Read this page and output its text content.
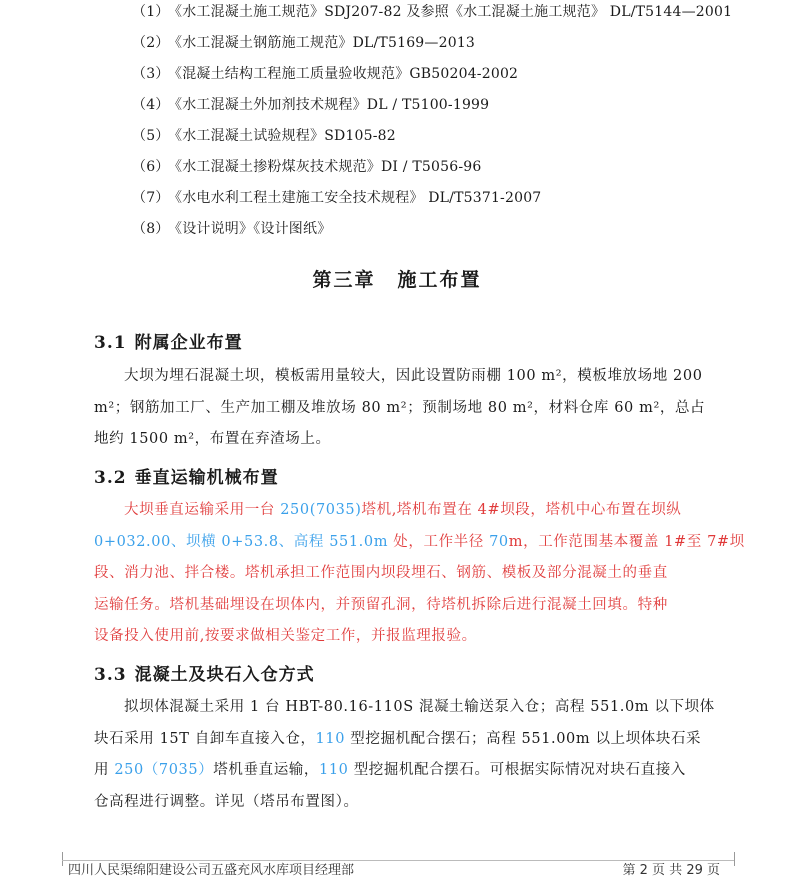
（1）《水工混凝土施工规范》SDJ207-82 及参照《水工混凝土施工规范》 DL/T5144—2001
（2）《水工混凝土钢筋施工规范》DL/T5169—2013
（3）《混凝土结构工程施工质量验收规范》GB50204-2002
（4）《水工混凝土外加剂技术规程》DL / T5100-1999
（5）《水工混凝土试验规程》SD105-82
（6）《水工混凝土掺粉煤灰技术规范》DI / T5056-96
（7）《水电水利工程土建施工安全技术规程》 DL/T5371-2007
（8）《设计说明》《设计图纸》
第三章 施工布置
3.1 附属企业布置
大坝为埋石混凝土坝，模板需用量较大，因此设置防雨棚 100 m²，模板堆放场地 200
m²；钢筋加工厂、生产加工棚及堆放场 80 m²；预制场地 80 m²，材料仓库 60 m²，总占
地约 1500 m²，布置在弃渣场上。
3.2 垂直运输机械布置
大坝垂直运输采用一台 250(7035)塔机,塔机布置在 4#坝段，塔机中心布置在坝纵
0+032.00、坝横 0+53.8、高程 551.0m 处，工作半径 70m，工作范围基本覆盖 1#至 7#坝
段、消力池、拌合楼。塔机承担工作范围内坝段埋石、钢筋、模板及部分混凝土的垂直
运输任务。塔机基础埋设在坝体内，并预留孔洞，待塔机拆除后进行混凝土回填。特种
设备投入使用前,按要求做相关鉴定工作，并报监理报验。
3.3 混凝土及块石入仓方式
拟坝体混凝土采用 1 台 HBT-80.16-110S 混凝土输送泵入仓；高程 551.0m 以下坝体
块石采用 15T 自卸车直接入仓，110 型挖掘机配合摆石；高程 551.00m 以上坝体块石采
用 250（7035）塔机垂直运输，110 型挖掘机配合摆石。可根据实际情况对块石直接入
仓高程进行调整。详见（塔吊布置图）。
四川人民渠绵阳建设公司五盛充风水库项目经理部	第 2 页 共 29 页
